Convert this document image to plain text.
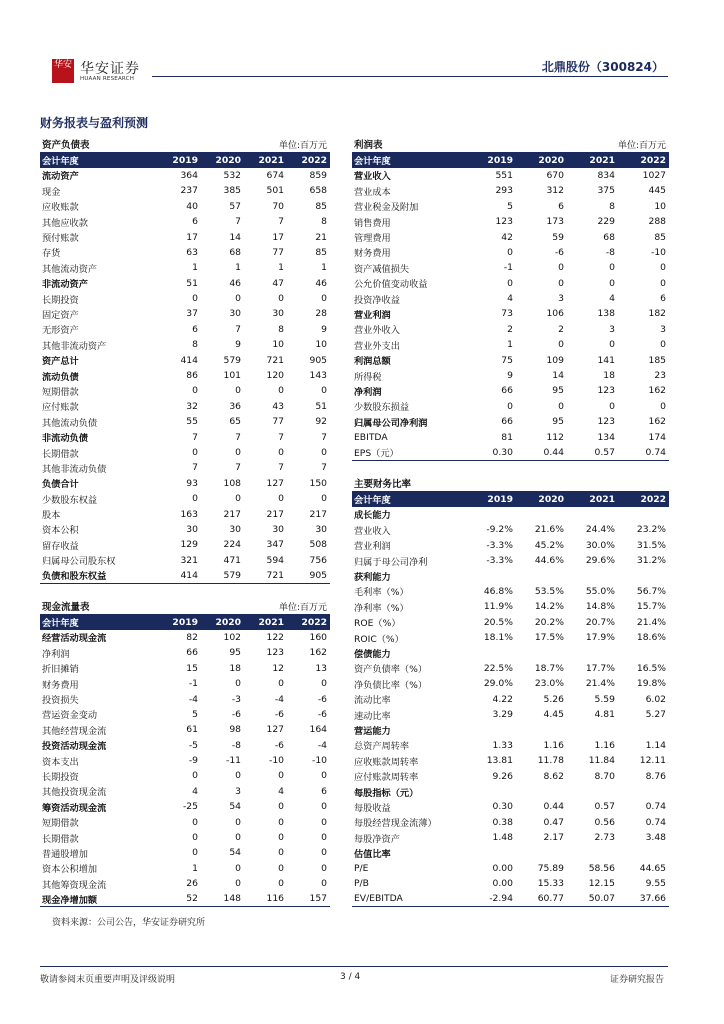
华安 华安证券
HUAAN RESEARCH
北鼎股份（300824）
财务报表与盈利预测
资产负债表			单位:百万元	
会计年度	2019	2020	2021	2022
流动资产	364	532	674	859
现金	237	385	501	658
应收账款	40	57	70	85
其他应收款	6	7	7	8
预付账款	17	14	17	21
存货	63	68	77	85
其他流动资产	1	1	1	1
非流动资产	51	46	47	46
长期投资	0	0	0	0
固定资产	37	30	30	28
无形资产	6	7	8	9
其他非流动资产	8	9	10	10
资产总计	414	579	721	905
流动负债	86	101	120	143
短期借款	0	0	0	0
应付账款	32	36	43	51
其他流动负债	55	65	77	92
非流动负债	7	7	7	7
长期借款	0	0	0	0
其他非流动负债	7	7	7	7
负债合计	93	108	127	150
少数股东权益	0	0	0	0
股本	163	217	217	217
资本公积	30	30	30	30
留存收益	129	224	347	508
归属母公司股东权	321	471	594	756
负债和股东权益	414	579	721	905
现金流量表			单位:百万元	
会计年度	2019	2020	2021	2022
经营活动现金流	82	102	122	160
净利润	66	95	123	162
折旧摊销	15	18	12	13
财务费用	-1	0	0	0
投资损失	-4	-3	-4	-6
营运资金变动	5	-6	-6	-6
其他经营现金流	61	98	127	164
投资活动现金流	-5	-8	-6	-4
资本支出	-9	-11	-10	-10
长期投资	0	0	0	0
其他投资现金流	4	3	4	6
筹资活动现金流	-25	54	0	0
短期借款	0	0	0	0
长期借款	0	0	0	0
普通股增加	0	54	0	0
资本公积增加	1	0	0	0
其他筹资现金流	26	0	0	0
现金净增加额	52	148	116	157
利润表			单位:百万元	
会计年度	2019	2020	2021	2022
营业收入	551	670	834	1027
营业成本	293	312	375	445
营业税金及附加	5	6	8	10
销售费用	123	173	229	288
管理费用	42	59	68	85
财务费用	0	-6	-8	-10
资产减值损失	-1	0	0	0
公允价值变动收益	0	0	0	0
投资净收益	4	3	4	6
营业利润	73	106	138	182
营业外收入	2	2	3	3
营业外支出	1	0	0	0
利润总额	75	109	141	185
所得税	9	14	18	23
净利润	66	95	123	162
少数股东损益	0	0	0	0
归属母公司净利润	66	95	123	162
EBITDA	81	112	134	174
EPS（元）	0.30	0.44	0.57	0.74
主要财务比率				
会计年度	2019	2020	2021	2022
成长能力				
营业收入	-9.2%	21.6%	24.4%	23.2%
营业利润	-3.3%	45.2%	30.0%	31.5%
归属于母公司净利	-3.3%	44.6%	29.6%	31.2%
获利能力				
毛利率（%）	46.8%	53.5%	55.0%	56.7%
净利率（%）	11.9%	14.2%	14.8%	15.7%
ROE（%）	20.5%	20.2%	20.7%	21.4%
ROIC（%）	18.1%	17.5%	17.9%	18.6%
偿债能力				
资产负债率（%）	22.5%	18.7%	17.7%	16.5%
净负债比率（%）	29.0%	23.0%	21.4%	19.8%
流动比率	4.22	5.26	5.59	6.02
速动比率	3.29	4.45	4.81	5.27
营运能力				
总资产周转率	1.33	1.16	1.16	1.14
应收账款周转率	13.81	11.78	11.84	12.11
应付账款周转率	9.26	8.62	8.70	8.76
每股指标（元）				
每股收益	0.30	0.44	0.57	0.74
每股经营现金流薄）	0.38	0.47	0.56	0.74
每股净资产	1.48	2.17	2.73	3.48
估值比率				
P/E	0.00	75.89	58.56	44.65
P/B	0.00	15.33	12.15	9.55
EV/EBITDA	-2.94	60.77	50.07	37.66
资料来源：公司公告，华安证券研究所
敬请参阅末页重要声明及评级说明	3 / 4	证券研究报告
